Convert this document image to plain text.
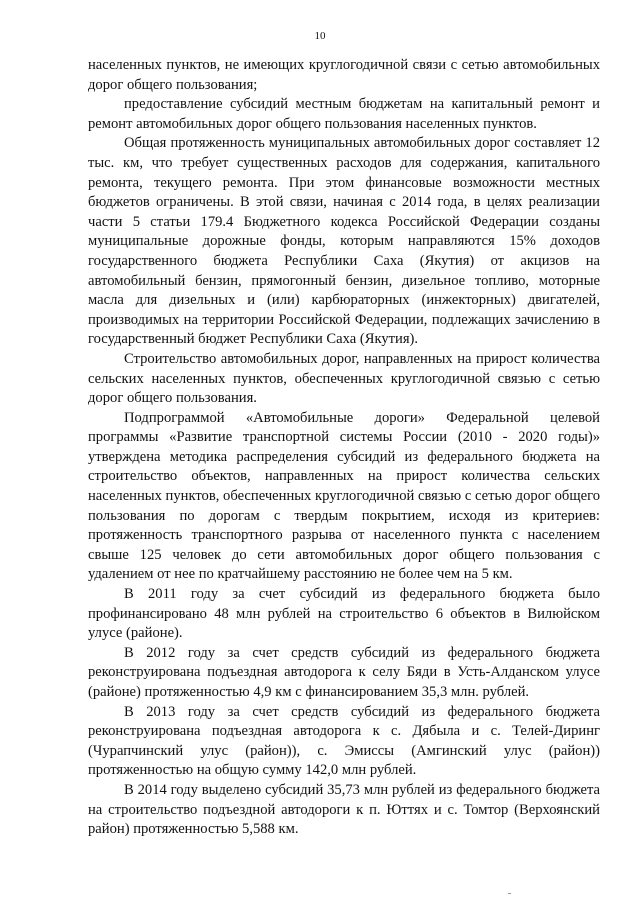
10

населенных пунктов, не имеющих круглогодичной связи с сетью автомобильных дорог общего пользования;

предоставление субсидий местным бюджетам на капитальный ремонт и ремонт автомобильных дорог общего пользования населенных пунктов.

Общая протяженность муниципальных автомобильных дорог составляет 12 тыс. км, что требует существенных расходов для содержания, капитального ремонта, текущего ремонта. При этом финансовые возможности местных бюджетов ограничены. В этой связи, начиная с 2014 года, в целях реализации части 5 статьи 179.4 Бюджетного кодекса Российской Федерации созданы муниципальные дорожные фонды, которым направляются 15% доходов государственного бюджета Республики Саха (Якутия) от акцизов на автомобильный бензин, прямогонный бензин, дизельное топливо, моторные масла для дизельных и (или) карбюраторных (инжекторных) двигателей, производимых на территории Российской Федерации, подлежащих зачислению в государственный бюджет Республики Саха (Якутия).

Строительство автомобильных дорог, направленных на прирост количества сельских населенных пунктов, обеспеченных круглогодичной связью с сетью дорог общего пользования.

Подпрограммой «Автомобильные дороги» Федеральной целевой программы «Развитие транспортной системы России (2010 - 2020 годы)» утверждена методика распределения субсидий из федерального бюджета на строительство объектов, направленных на прирост количества сельских населенных пунктов, обеспеченных круглогодичной связью с сетью дорог общего пользования по дорогам с твердым покрытием, исходя из критериев: протяженность транспортного разрыва от населенного пункта с населением свыше 125 человек до сети автомобильных дорог общего пользования с удалением от нее по кратчайшему расстоянию не более чем на 5 км.

В 2011 году за счет субсидий из федерального бюджета было профинансировано 48 млн рублей на строительство 6 объектов в Вилюйском улусе (районе).

В 2012 году за счет средств субсидий из федерального бюджета реконструирована подъездная автодорога к селу Бяди в Усть-Алданском улусе (районе) протяженностью 4,9 км с финансированием 35,3 млн. рублей.

В 2013 году за счет средств субсидий из федерального бюджета реконструирована подъездная автодорога к с. Дябыла и с. Телей-Диринг (Чурапчинский улус (район)), с. Эмиссы (Амгинский улус (район)) протяженностью на общую сумму 142,0 млн рублей.

В 2014 году выделено субсидий 35,73 млн рублей из федерального бюджета на строительство подъездной автодороги к п. Юттях и с. Томтор (Верхоянский район) протяженностью 5,588 км.
